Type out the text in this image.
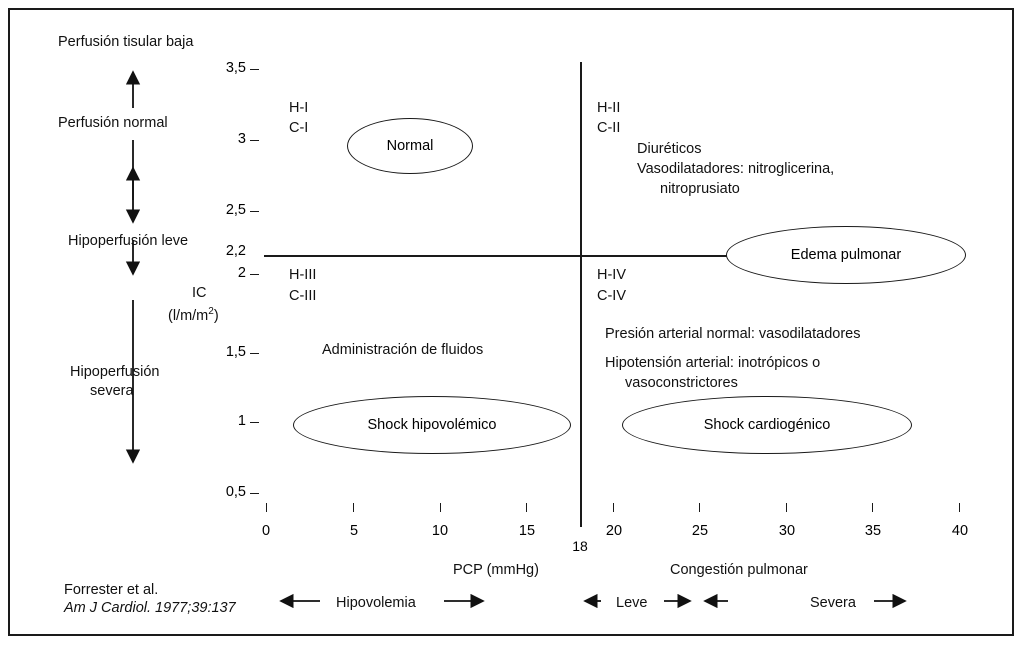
Perfusión tisular baja
Perfusión normal
Hipoperfusión leve
Hipoperfusión
severa
IC
$(l/m/m^2)$
3,5
3
2,5
2
1,5
1
0,5
2,2
0	5	10	15	20	25	30	35	40
18
H-I
C-I
H-II
C-II
H-III
C-III
H-IV
C-IV
Diuréticos
Vasodilatadores: nitroglicerina,
nitroprusiato
Administración de fluidos
Presión arterial normal: vasodilatadores
Hipotensión arterial: inotrópicos o
vasoconstrictores
Normal
Edema pulmonar
Shock hipovolémico	Shock cardiogénico
PCP (mmHg)	Congestión pulmonar
Forrester et al.
Am J Cardiol. 1977;39:137	Hipovolemia	Leve	Severa
